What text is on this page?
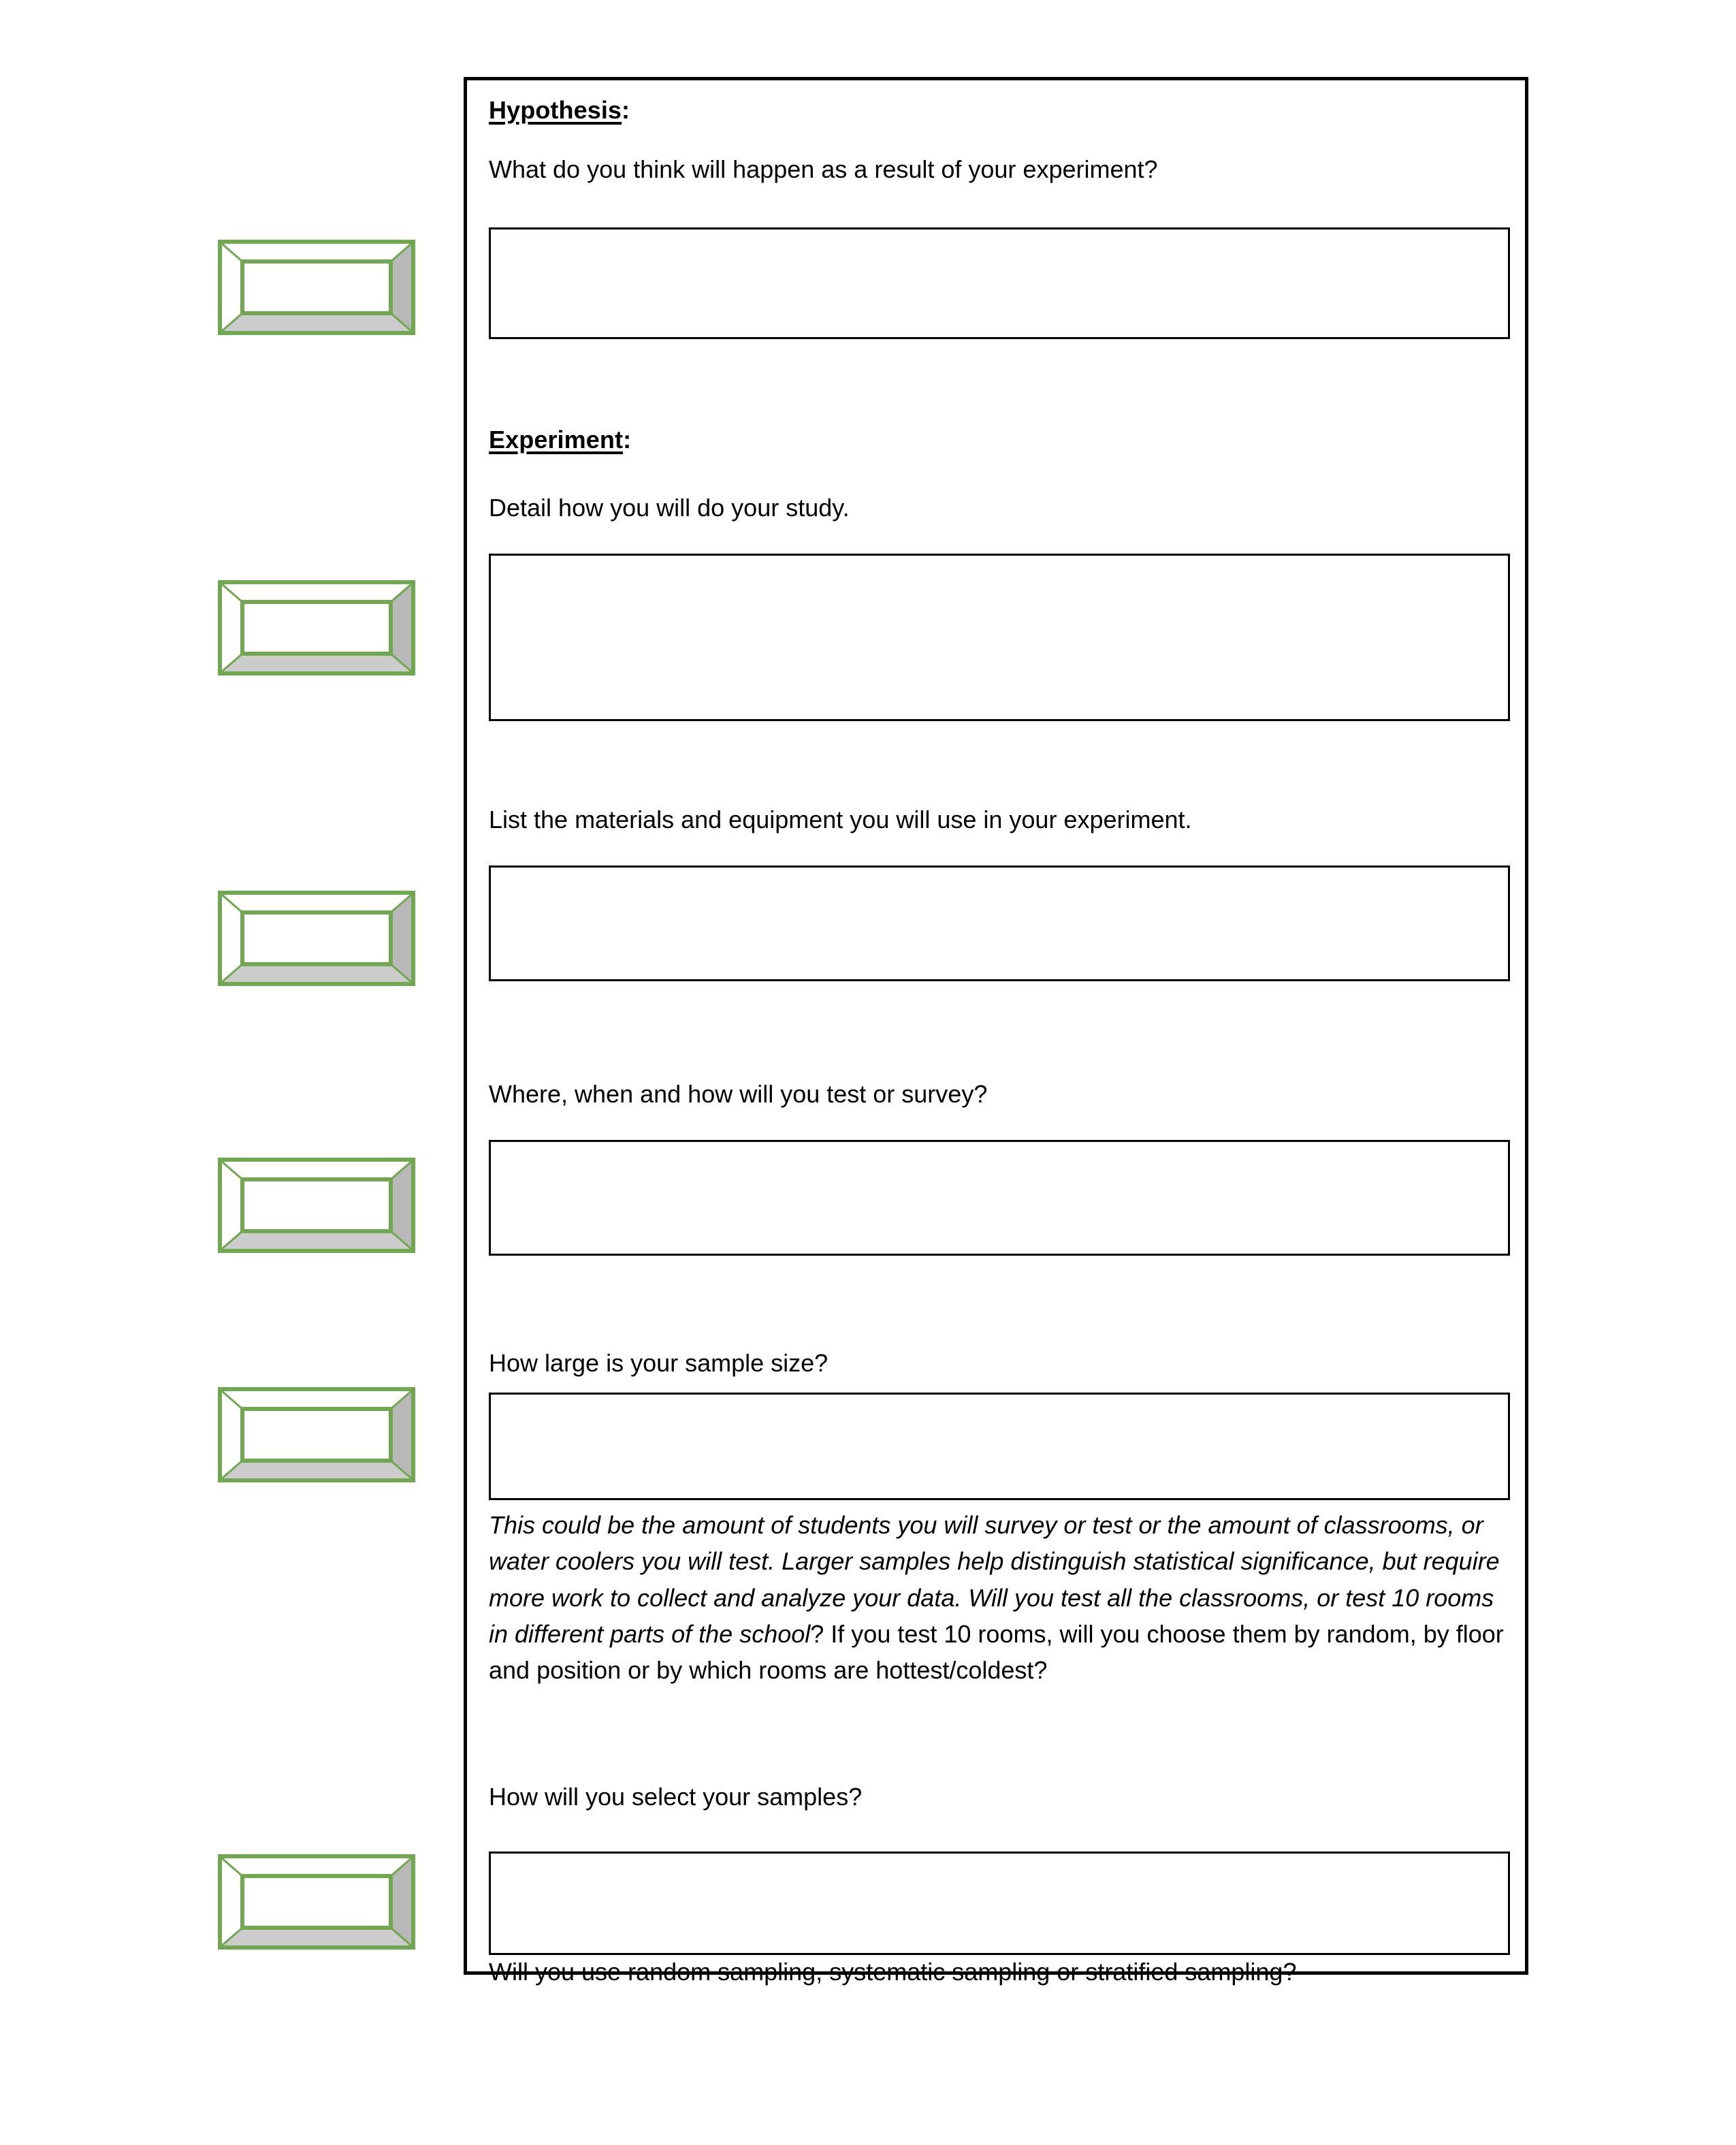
Hypothesis:
What do you think will happen as a result of your experiment?
Experiment:
Detail how you will do your study.
List the materials and equipment you will use in your experiment.
Where, when and how will you test or survey?
How large is your sample size?
This could be the amount of students you will survey or test or the amount of classrooms, or water coolers you will test. Larger samples help distinguish statistical significance, but require more work to collect and analyze your data. Will you test all the classrooms, or test 10 rooms in different parts of the school? If you test 10 rooms, will you choose them by random, by floor and position or by which rooms are hottest/coldest?
How will you select your samples?
Will you use random sampling, systematic sampling or stratified sampling?
